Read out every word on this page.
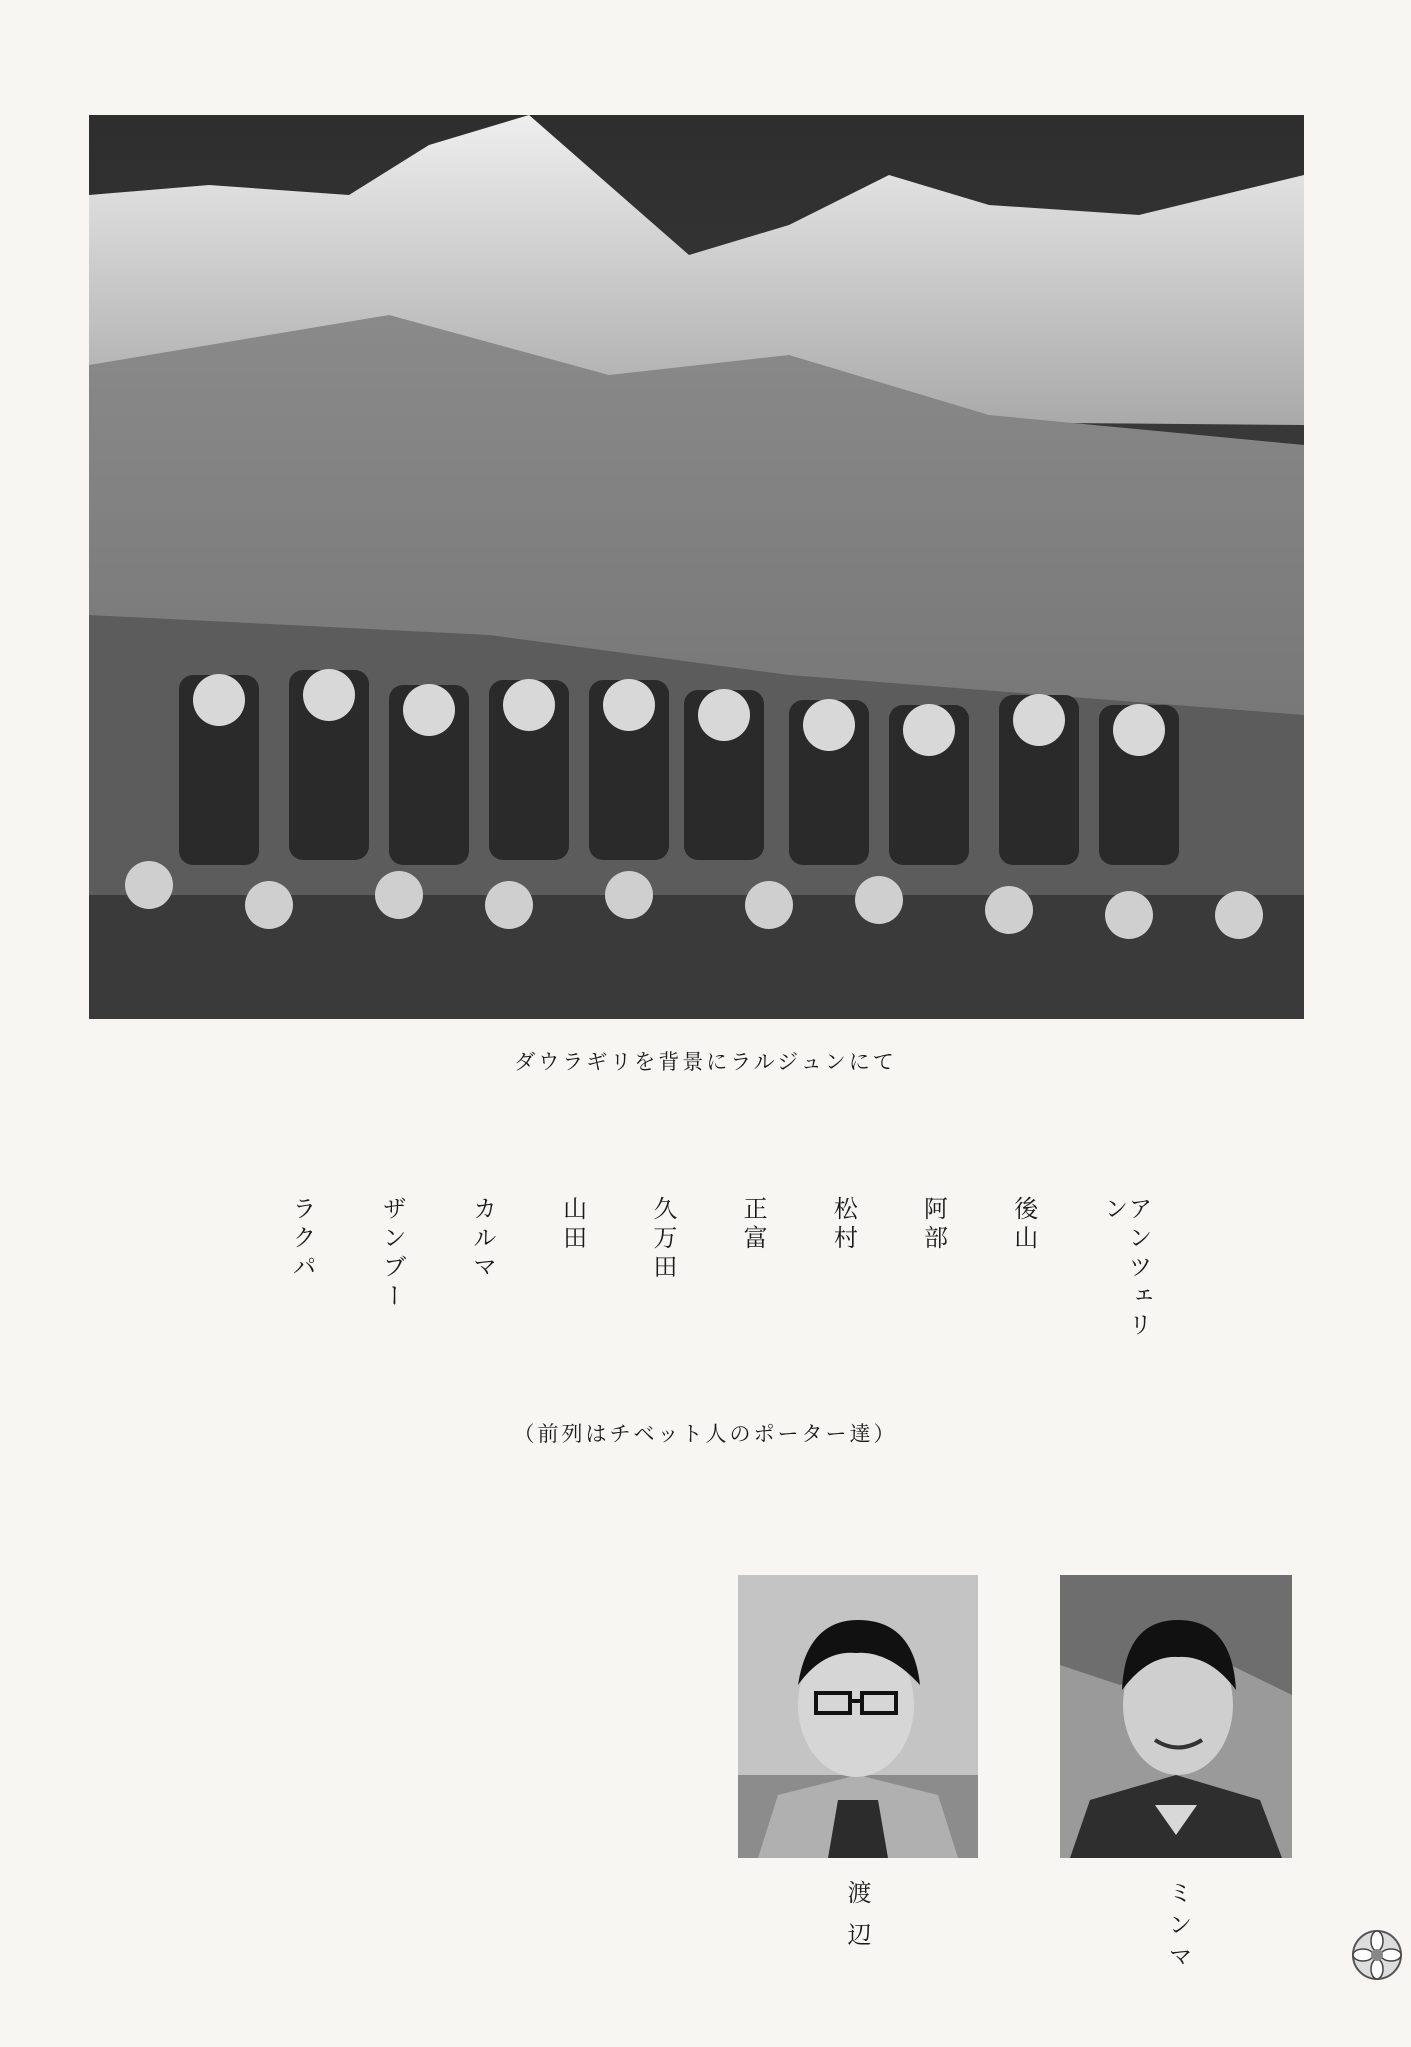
ダウラギリを背景にラルジュンにて
アンツェリン
後山
阿部
松村
正富
久万田
山田
カルマ
ザンブー
ラクパ
（前列はチベット人のポーター達）
渡辺	ミンマ
